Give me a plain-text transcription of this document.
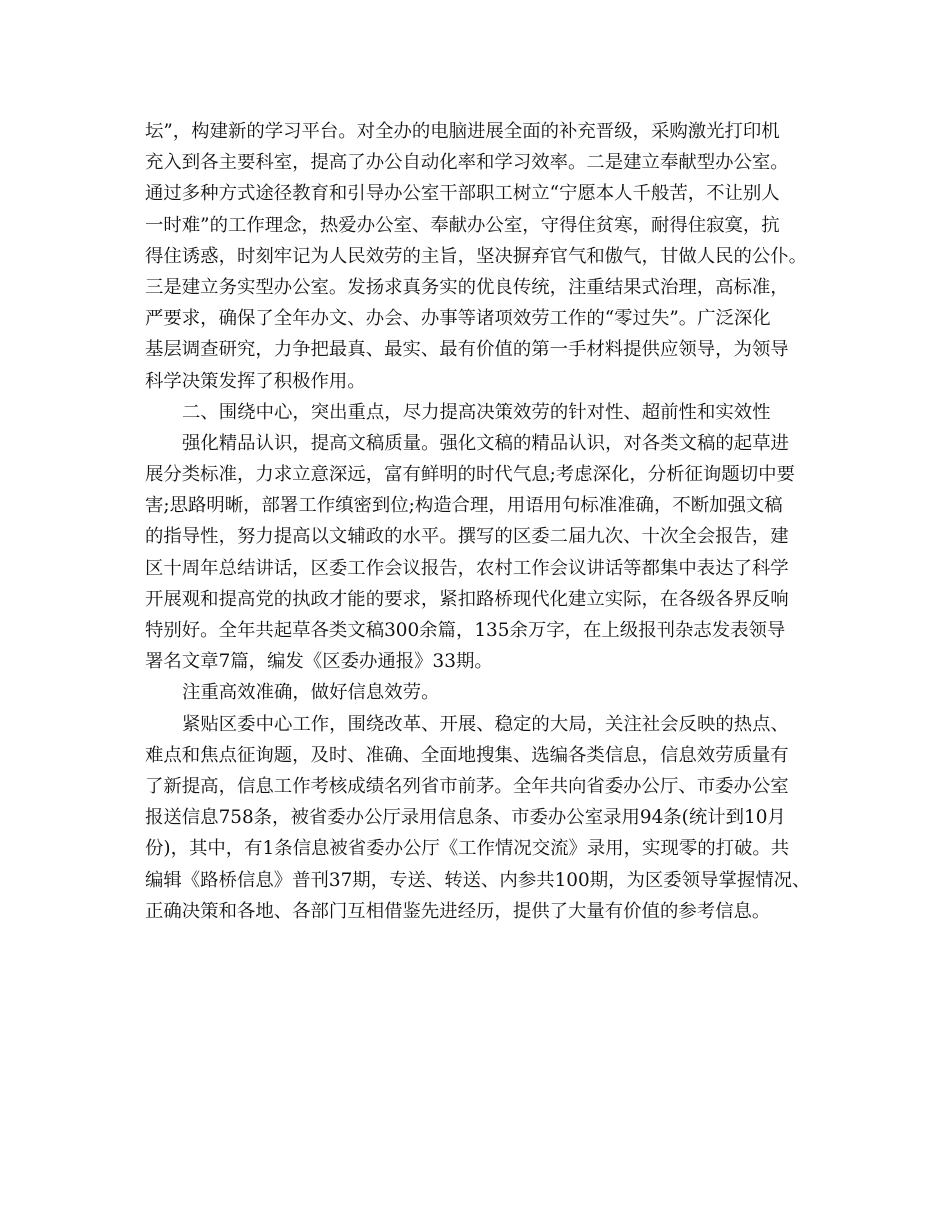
坛”，构建新的学习平台。对全办的电脑进展全面的补充晋级，采购激光打印机
充入到各主要科室，提高了办公自动化率和学习效率。二是建立奉献型办公室。
通过多种方式途径教育和引导办公室干部职工树立“宁愿本人千般苦，不让别人
一时难”的工作理念，热爱办公室、奉献办公室，守得住贫寒，耐得住寂寞，抗
得住诱惑，时刻牢记为人民效劳的主旨，坚决摒弃官气和傲气，甘做人民的公仆。
三是建立务实型办公室。发扬求真务实的优良传统，注重结果式治理，高标准，
严要求，确保了全年办文、办会、办事等诸项效劳工作的“零过失”。广泛深化
基层调查研究，力争把最真、最实、最有价值的第一手材料提供应领导，为领导
科学决策发挥了积极作用。
二、围绕中心，突出重点，尽力提高决策效劳的针对性、超前性和实效性
强化精品认识，提高文稿质量。强化文稿的精品认识，对各类文稿的起草进
展分类标准，力求立意深远，富有鲜明的时代气息;考虑深化，分析征询题切中要
害;思路明晰，部署工作缜密到位;构造合理，用语用句标准准确，不断加强文稿
的指导性，努力提高以文辅政的水平。撰写的区委二届九次、十次全会报告，建
区十周年总结讲话，区委工作会议报告，农村工作会议讲话等都集中表达了科学
开展观和提高党的执政才能的要求，紧扣路桥现代化建立实际，在各级各界反响
特别好。全年共起草各类文稿300余篇，135余万字，在上级报刊杂志发表领导
署名文章7篇，编发《区委办通报》33期。
注重高效准确，做好信息效劳。
紧贴区委中心工作，围绕改革、开展、稳定的大局，关注社会反映的热点、
难点和焦点征询题，及时、准确、全面地搜集、选编各类信息，信息效劳质量有
了新提高，信息工作考核成绩名列省市前茅。全年共向省委办公厅、市委办公室
报送信息758条，被省委办公厅录用信息条、市委办公室录用94条(统计到10月
份)，其中，有1条信息被省委办公厅《工作情况交流》录用，实现零的打破。共
编辑《路桥信息》普刊37期，专送、转送、内参共100期，为区委领导掌握情况、
正确决策和各地、各部门互相借鉴先进经历，提供了大量有价值的参考信息。
